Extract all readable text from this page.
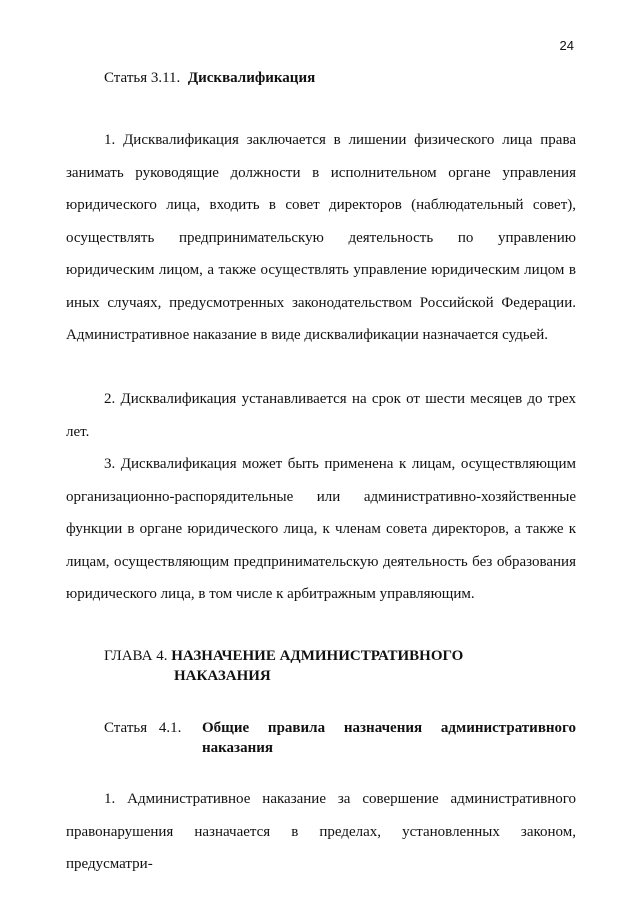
24
Статья 3.11. Дисквалификация

1. Дисквалификация заключается в лишении физического лица права занимать руководящие должности в исполнительном органе управления юридического лица, входить в совет директоров (наблюдательный совет), осуществлять предпринимательскую деятельность по управлению юридическим лицом, а также осуществлять управление юридическим лицом в иных случаях, предусмотренных законодательством Российской Федерации. Административное наказание в виде дисквалификации назначается судьей.

2. Дисквалификация устанавливается на срок от шести месяцев до трех лет.

3. Дисквалификация может быть применена к лицам, осуществляющим организационно-распорядительные или административно-хозяйственные функции в органе юридического лица, к членам совета директоров, а также к лицам, осуществляющим предпринимательскую деятельность без образования юридического лица, в том числе к арбитражным управляющим.

ГЛАВА 4. НАЗНАЧЕНИЕ АДМИНИСТРАТИВНОГО
НАКАЗАНИЯ
Статья 4.1.	Общие правила назначения административного
наказания

1. Административное наказание за совершение административного правонарушения назначается в пределах, установленных законом, предусматри-
